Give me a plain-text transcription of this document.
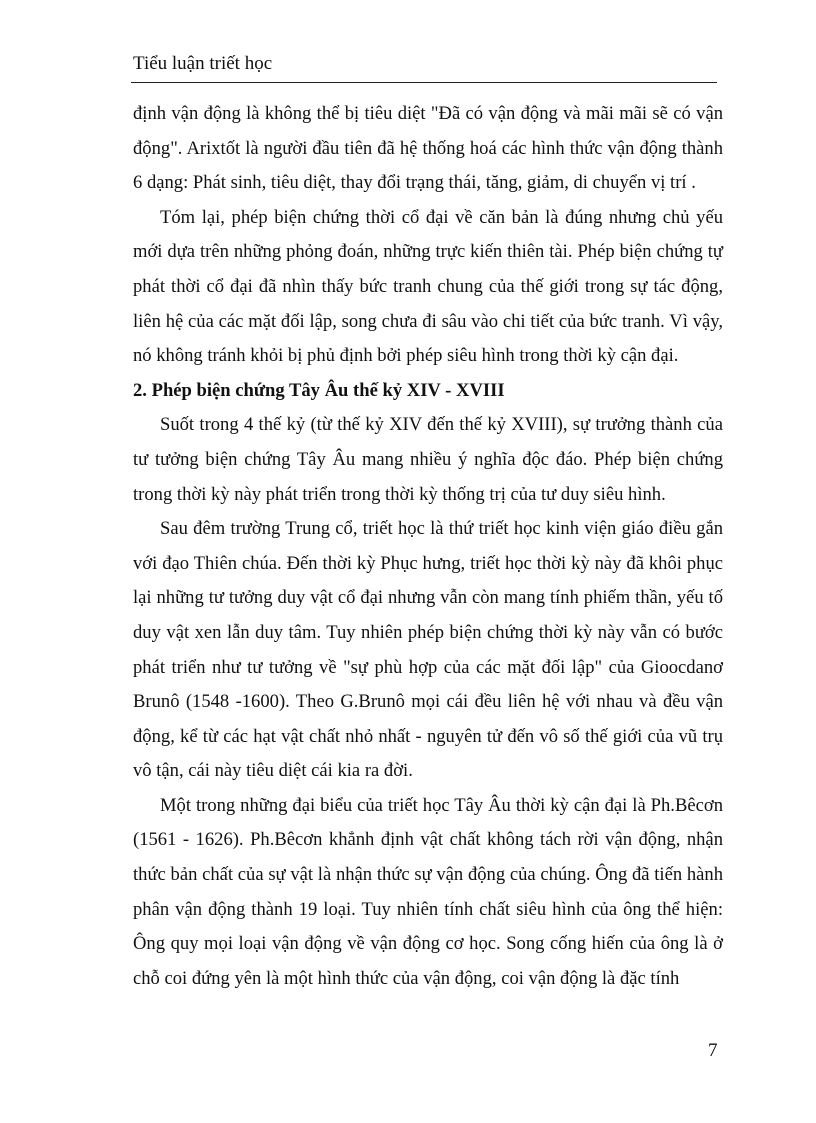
Tiểu luận triết học

định vận động là không thể bị tiêu diệt "Đã có vận động và mãi mãi sẽ có vận động". Arixtốt là người đầu tiên đã hệ thống hoá các hình thức vận động thành 6 dạng: Phát sinh, tiêu diệt, thay đổi trạng thái, tăng, giảm, di chuyển vị trí .

Tóm lại, phép biện chứng thời cổ đại về căn bản là đúng nhưng chủ yếu mới dựa trên những phỏng đoán, những trực kiến thiên tài. Phép biện chứng tự phát thời cổ đại đã nhìn thấy bức tranh chung của thế giới trong sự tác động, liên hệ của các mặt đối lập, song chưa đi sâu vào chi tiết của bức tranh. Vì vậy, nó không tránh khỏi bị phủ định bởi phép siêu hình trong thời kỳ cận đại.

2. Phép biện chứng Tây Âu thế kỷ XIV - XVIII

Suốt trong 4 thế kỷ (từ thế kỷ XIV đến thế kỷ XVIII), sự trưởng thành của tư tưởng biện chứng Tây Âu mang nhiều ý nghĩa độc đáo. Phép biện chứng trong thời kỳ này phát triển trong thời kỳ thống trị của tư duy siêu hình.

Sau đêm trường Trung cổ, triết học là thứ triết học kinh viện giáo điều gắn với đạo Thiên chúa. Đến thời kỳ Phục hưng, triết học thời kỳ này đã khôi phục lại những tư tưởng duy vật cổ đại nhưng vẫn còn mang tính phiếm thần, yếu tố duy vật xen lẫn duy tâm. Tuy nhiên phép biện chứng thời kỳ này vẫn có bước phát triển như tư tưởng về "sự phù hợp của các mặt đối lập" của Gioocdanơ Brunô (1548 -1600). Theo G.Brunô mọi cái đều liên hệ với nhau và đều vận động, kể từ các hạt vật chất nhỏ nhất - nguyên tử đến vô số thế giới của vũ trụ vô tận, cái này tiêu diệt cái kia ra đời.

Một trong những đại biểu của triết học Tây Âu thời kỳ cận đại là Ph.Bêcơn (1561 - 1626). Ph.Bêcơn khẳnh định vật chất không tách rời vận động, nhận thức bản chất của sự vật là nhận thức sự vận động của chúng. Ông đã tiến hành phân vận động thành 19 loại. Tuy nhiên tính chất siêu hình của ông thể hiện: Ông quy mọi loại vận động về vận động cơ học. Song cống hiến của ông là ở chỗ coi đứng yên là một hình thức của vận động, coi vận động là đặc tính

7
